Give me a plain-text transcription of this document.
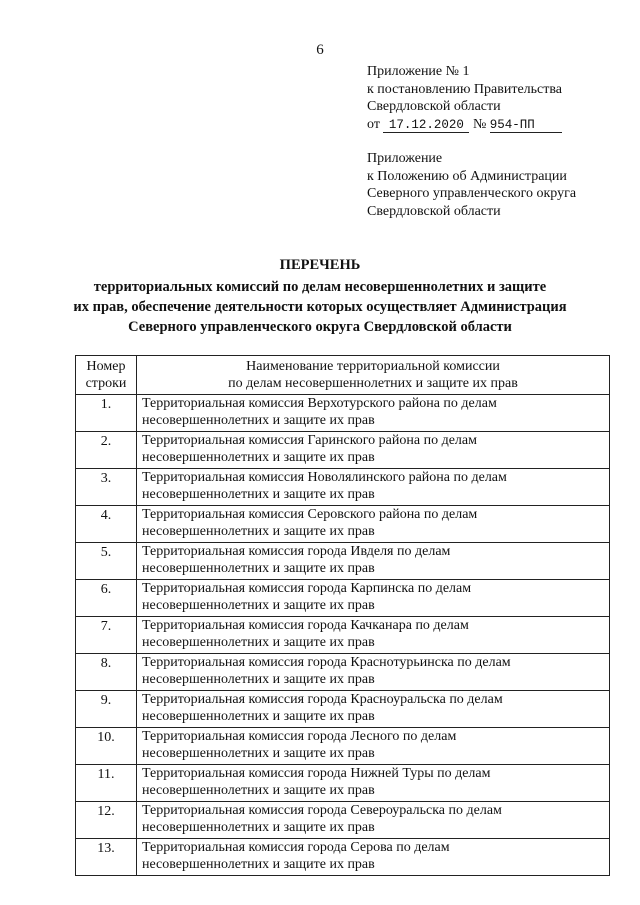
6
Приложение № 1
к постановлению Правительства
Свердловской области
от 17.12.2020 № 954-ПП
Приложение
к Положению об Администрации
Северного управленческого округа
Свердловской области
ПЕРЕЧЕНЬ
территориальных комиссий по делам несовершеннолетних и защите
их прав, обеспечение деятельности которых осуществляет Администрация
Северного управленческого округа Свердловской области
Номер
строки	Наименование территориальной комиссии
по делам несовершеннолетних и защите их прав

1.	Территориальная комиссия Верхотурского района по делам
несовершеннолетних и защите их прав

2.	Территориальная комиссия Гаринского района по делам
несовершеннолетних и защите их прав

3.	Территориальная комиссия Новолялинского района по делам
несовершеннолетних и защите их прав

4.	Территориальная комиссия Серовского района по делам
несовершеннолетних и защите их прав

5.	Территориальная комиссия города Ивделя по делам
несовершеннолетних и защите их прав

6.	Территориальная комиссия города Карпинска по делам
несовершеннолетних и защите их прав

7.	Территориальная комиссия города Качканара по делам
несовершеннолетних и защите их прав

8.	Территориальная комиссия города Краснотурьинска по делам
несовершеннолетних и защите их прав

9.	Территориальная комиссия города Красноуральска по делам
несовершеннолетних и защите их прав

10.	Территориальная комиссия города Лесного по делам
несовершеннолетних и защите их прав

11.	Территориальная комиссия города Нижней Туры по делам
несовершеннолетних и защите их прав

12.	Территориальная комиссия города Североуральска по делам
несовершеннолетних и защите их прав

13.	Территориальная комиссия города Серова по делам
несовершеннолетних и защите их прав
